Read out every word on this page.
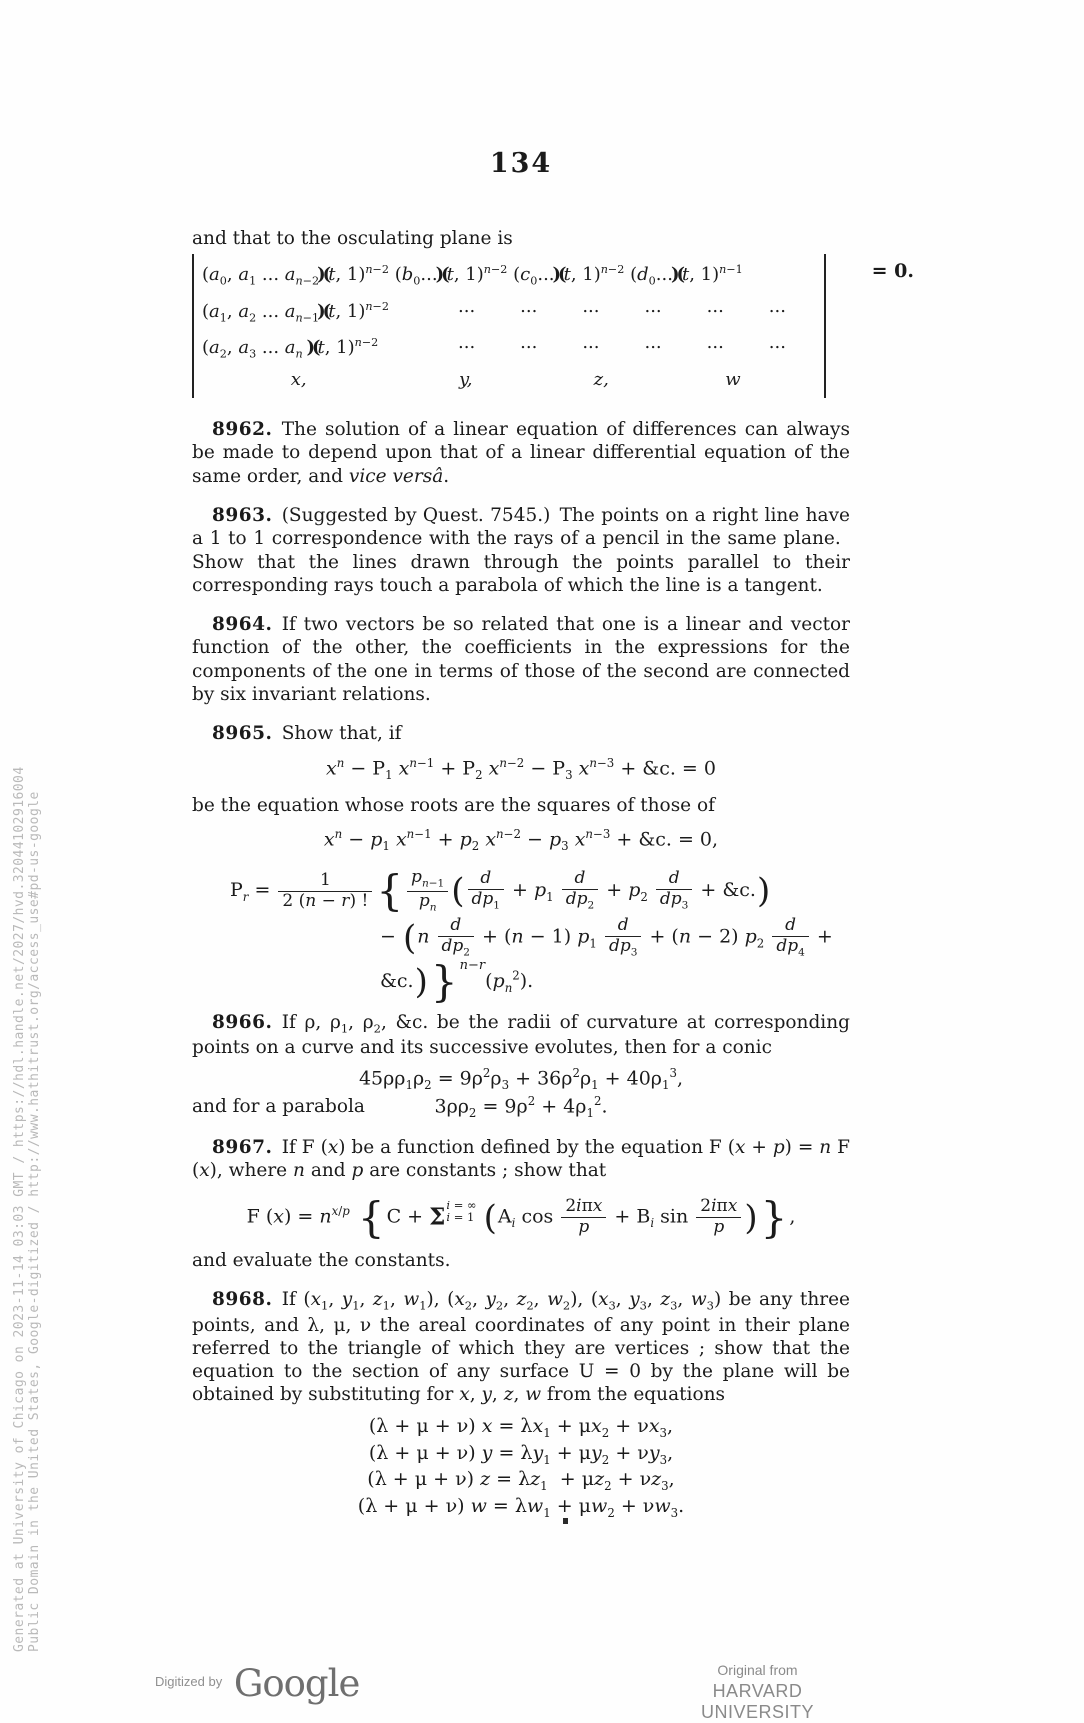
Generated at University of Chicago on 2023-11-14 03:03 GMT / https://hdl.handle.net/2027/hvd.32044102916004 Public Domain in the United States, Google-digitized / http://www.hathitrust.org/access_use#pd-us-google
134

and that to the osculating plane is

($a_0$, $a_1$ ... $a_{n-2})(t$, 1)$^{n-2}$ $(b_0...)(t$, 1)$^{n-2}$ $(c_0...)(t$, 1)$^{n-2}$ $(d_0...)(t$, 1)$^{n-1}$
($a_1$, $a_2$ ... $a_{n-1})(t$, 1)$^{n-2}$	... ... ... ... ... ...
($a_2$, $a_3$ ... $a_n$ )(t, 1)$^{n-2}$	... ... ... ... ... ...
x,	y,	z,	w
= 0.

8962.  The solution of a linear equation of differences can always be made to depend upon that of a linear differential equation of the same order, and vice versâ.

8963.  (Suggested by Quest. 7545.) The points on a right line have a 1 to 1 correspondence with the rays of a pencil in the same plane. Show that the lines drawn through the points parallel to their corresponding rays touch a parabola of which the line is a tangent.

8964.  If two vectors be so related that one is a linear and vector function of the other, the coefficients in the expressions for the components of the one in terms of those of the second are connected by six invariant relations.

8965.  Show that, if

$x^n - P_1$ $x^{n-1} + P_2$ $x^{n-2} - P_3$ $x^{n-3}$ + &c. = 0

be the equation whose roots are the squares of those of

$x^n - p_1$ $x^{n-1} + p_2$ $x^{n-2} - p_3$ $x^{n-3}$ + &c. = 0,
$P_r = \frac{1}{2 (n - r) !}$ { $\frac{p_{n-1}}{p_n}$ ( $\frac{d}{dp_1} + p_1 \frac{d}{dp_2} + p_2 \frac{d}{dp_3}$ + &c.)
− ($n \frac{d}{dp_2} + (n - 1)$ $p_1 \frac{d}{dp_3} + (n - 2)$ $p_2 \frac{d}{dp_4}$ + &c.)} $^{n-r}(p_n^2)$.

8966.  If ρ, $\rho_1$, $\rho_2$, &c. be the radii of curvature at corresponding points on a curve and its successive evolutes, then for a conic

$45\rho\rho_1\rho_2 = 9\rho^2\rho_3 + 36\rho^2\rho_1 + 40\rho_1^3$,
and for a parabola	$3\rho\rho_2 = 9\rho^2 + 4\rho_1^2$.

8967.  If F (x) be a function defined by the equation F (x + p) = n F (x), where n and p are constants ; show that

F $(x) = n^{x/p}$ { C + Σ i = ∞
i = 1 ($A_i$ cos 2iπx
p	+ $B_i$ sin 2iπx
p )} ,

and evaluate the constants.

8968.  If ($x_1$, $y_1$, $z_1$, $w_1$), ($x_2$, $y_2$, $z_2$, $w_2$), ($x_3$, $y_3$, $z_3$, $w_3$) be any three points, and λ, μ, ν the areal coordinates of any point in their plane referred to the triangle of which they are vertices ; show that the equation to the section of any surface U = 0 by the plane will be obtained by substituting for x, y, z, w from the equations

(λ + μ + ν) $x = \lambda x_1 + \mu x_2 + \nu x_3$,
(λ + μ + ν) $y = \lambda y_1 + \mu y_2 + \nu y_3$,
(λ + μ + ν) $z = \lambda z_1 + \mu z_2 + \nu z_3$,
(λ + μ + ν) $w = \lambda w_1 + \mu w_2 + \nu w_3$.
Digitized by Google	Original from
HARVARD UNIVERSITY
